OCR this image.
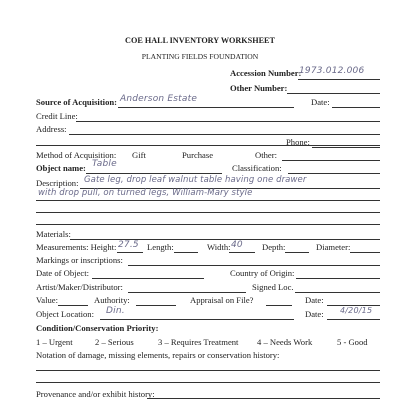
COE HALL INVENTORY WORKSHEET
PLANTING FIELDS FOUNDATION
Accession Number:
1973.012.006
Other Number:
Source of Acquisition: Anderson Estate	Date:
Credit Line:
Address:
Phone:
Method of Acquisition: Gift	Purchase	Other:
Object name: Table	Classification:
Description: Gate leg, drop leaf walnut table having one drawer
with drop pull, on turned legs, William-Mary style
Materials:
Measurements: Height: 27.5 Length:	Width: 40 Depth:	Diameter:
Markings or inscriptions:
Date of Object:	Country of Origin:
Artist/Maker/Distributor:	Signed Loc.
Value:	Authority:	Appraisal on File?	Date:
Object Location: Din.	Date: 4/20/15
Condition/Conservation Priority:
1 – Urgent	2 – Serious	3 – Requires Treatment 4 – Needs Work	5 - Good
Notation of damage, missing elements, repairs or conservation history:
Provenance and/or exhibit history:
